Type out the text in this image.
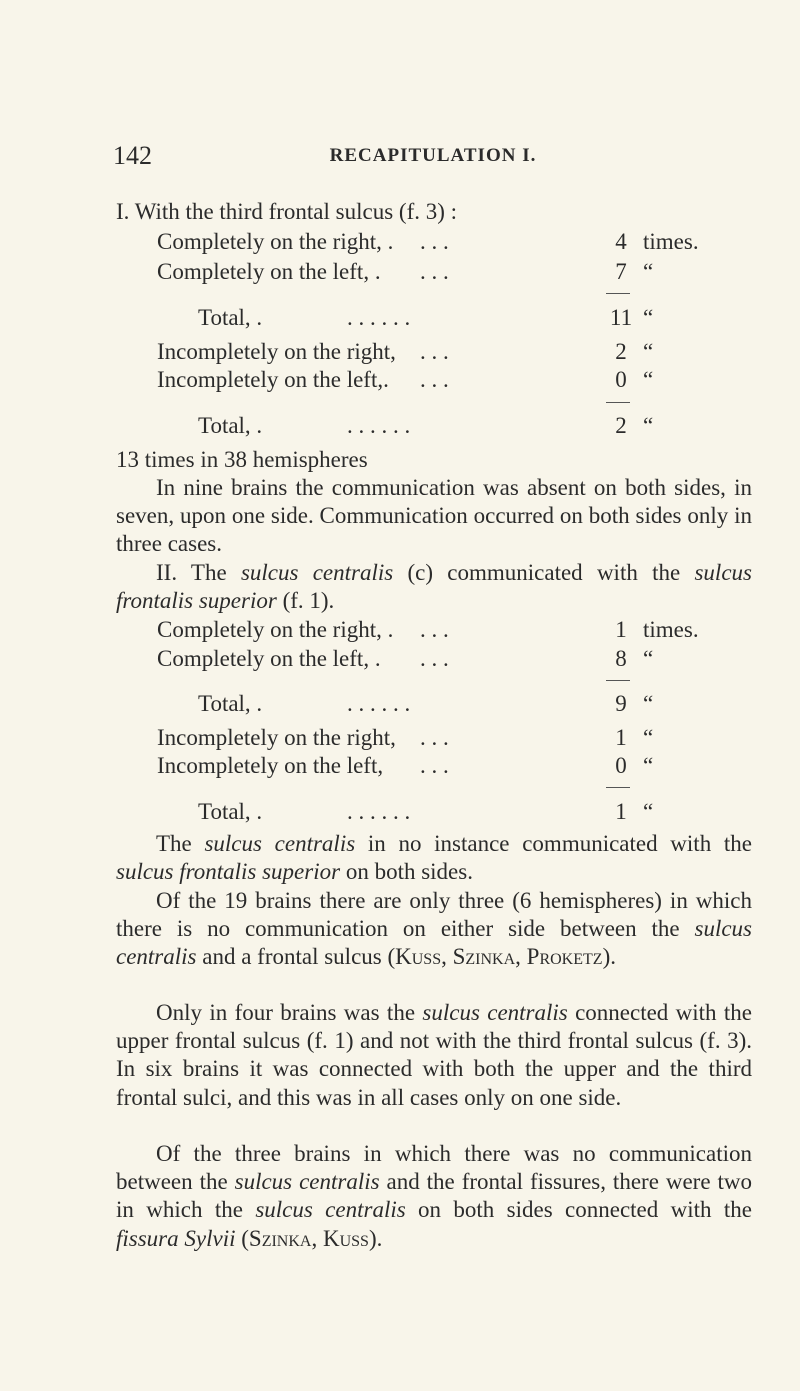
142	RECAPITULATION I.
I. With the third frontal sulcus (f. 3) :
Completely on the right, . . . .	4 times.
Completely on the left, . . . .	7 “
Total, .	. . . . . .	11 “
Incompletely on the right, . . .	2 “
Incompletely on the left,. . . .	0 “
Total, .	. . . . . .	2 “
13 times in 38 hemispheres
In nine brains the communication was absent on both sides, in seven, upon one side. Communication occurred on both sides only in three cases.
II. The sulcus centralis (c) communicated with the sulcus frontalis superior (f. 1).
Completely on the right, . . . .	1 times.
Completely on the left, . . . .	8 “
Total, .	. . . . . .	9 “
Incompletely on the right, . . .	1 “
Incompletely on the left, . . .	0 “
Total, .	. . . . . .	1 “
The sulcus centralis in no instance communicated with the sulcus frontalis superior on both sides.
Of the 19 brains there are only three (6 hemispheres) in which there is no communication on either side between the sulcus centralis and a frontal sulcus (Kuss, Szinka, Proketz).
Only in four brains was the sulcus centralis connected with the upper frontal sulcus (f. 1) and not with the third frontal sulcus (f. 3). In six brains it was connected with both the upper and the third frontal sulci, and this was in all cases only on one side.
Of the three brains in which there was no communication between the sulcus centralis and the frontal fissures, there were two in which the sulcus centralis on both sides connected with the fissura Sylvii (Szinka, Kuss).
